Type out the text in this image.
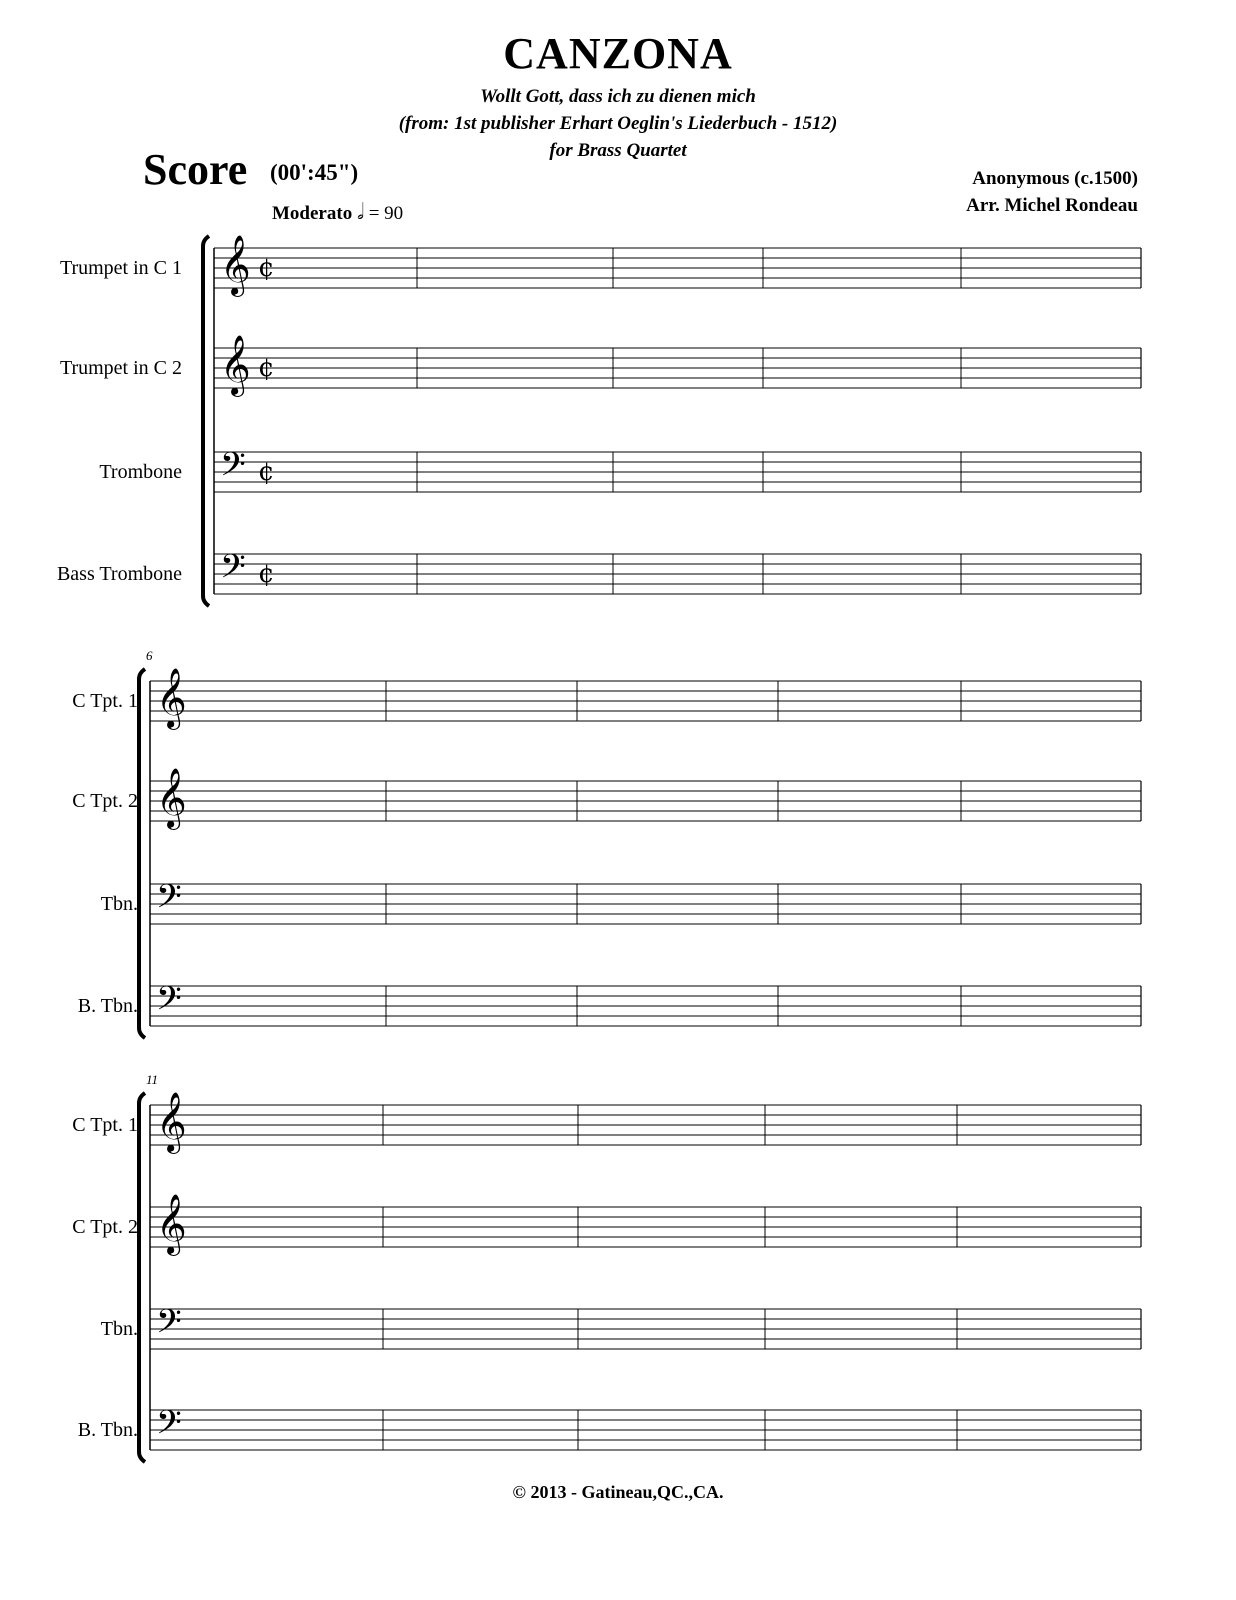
CANZONA
Wollt Gott, dass ich zu dienen mich
(from: 1st publisher Erhart Oeglin's Liederbuch - 1512)
for Brass Quartet
Score (00':45")
Moderato 𝅗𝅥 = 90
Anonymous (c.1500)
Arr. Michel Rondeau
Trumpet in C 1
Trumpet in C 2
Trombone
Bass Trombone
C Tpt. 1
C Tpt. 2
Tbn.
B. Tbn.
C Tpt. 1
C Tpt. 2
Tbn.
B. Tbn.
6
11
𝄞 ¢
𝄞 ¢
𝄢 ¢
𝄢 ¢
𝄞
𝄞
𝄢
𝄢
𝄞
𝄞
𝄢
𝄢
© 2013 - Gatineau,QC.,CA.
